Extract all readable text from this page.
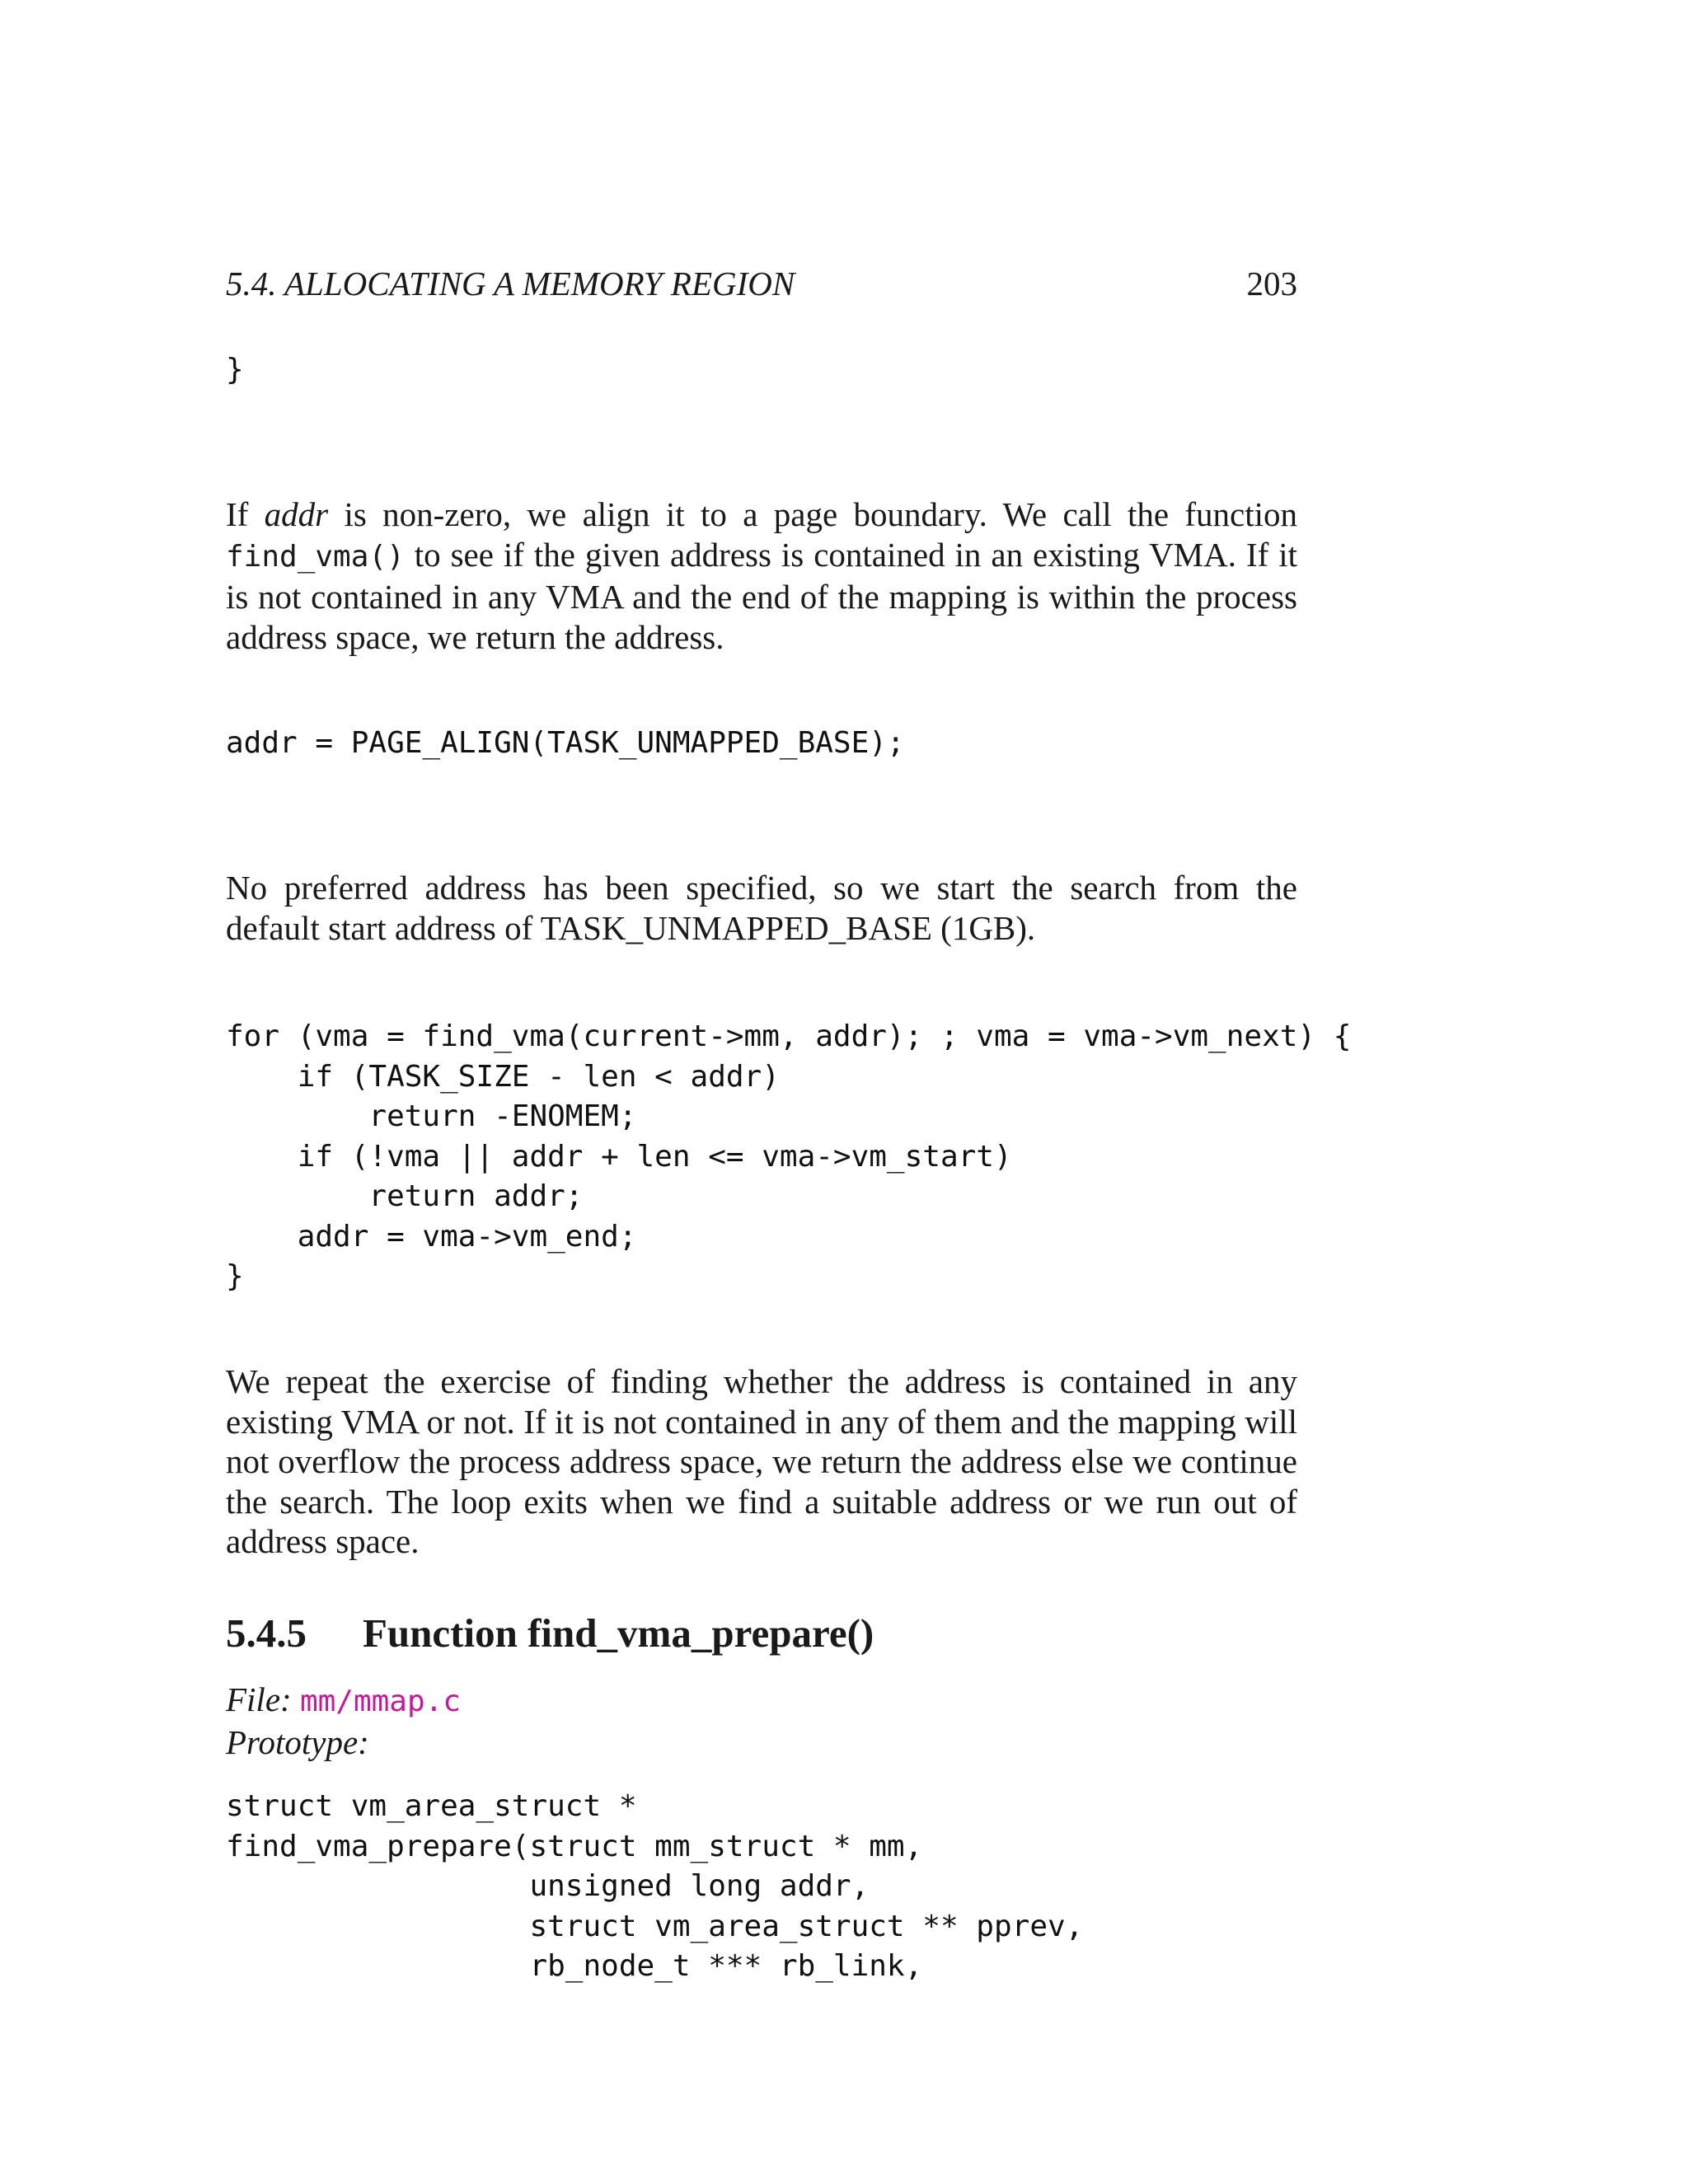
5.4. ALLOCATING A MEMORY REGION	203
}

If addr is non-zero, we align it to a page boundary. We call the function find_vma() to see if the given address is contained in an existing VMA. If it is not contained in any VMA and the end of the mapping is within the process address space, we return the address.

addr = PAGE_ALIGN(TASK_UNMAPPED_BASE);

No preferred address has been specified, so we start the search from the default start address of TASK_UNMAPPED_BASE (1GB).

for (vma = find_vma(current->mm, addr); ; vma = vma->vm_next) {
if (TASK_SIZE - len < addr)
return -ENOMEM;
if (!vma || addr + len <= vma->vm_start)
return addr;
addr = vma->vm_end;
}

We repeat the exercise of finding whether the address is contained in any existing VMA or not. If it is not contained in any of them and the mapping will not overflow the process address space, we return the address else we continue the search. The loop exits when we find a suitable address or we run out of address space.

5.4.5 Function find_vma_prepare()
File: mm/mmap.c
Prototype:
struct vm_area_struct *
find_vma_prepare(struct mm_struct * mm,
unsigned long addr,
struct vm_area_struct ** pprev,
rb_node_t *** rb_link,
